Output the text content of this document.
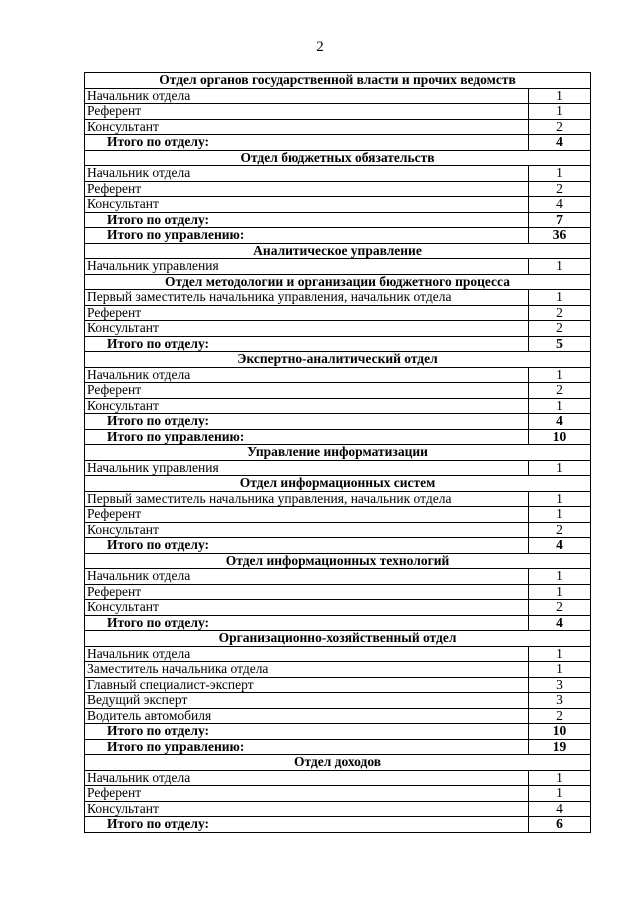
2
Отдел органов государственной власти и прочих ведомств	
Начальник отдела	1
Референт	1
Консультант	2
Итого по отделу:	4
Отдел бюджетных обязательств	
Начальник отдела	1
Референт	2
Консультант	4
Итого по отделу:	7
Итого по управлению:	36
Аналитическое управление	
Начальник управления	1
Отдел методологии и организации бюджетного процесса	
Первый заместитель начальника управления, начальник отдела	1
Референт	2
Консультант	2
Итого по отделу:	5
Экспертно-аналитический отдел	
Начальник отдела	1
Референт	2
Консультант	1
Итого по отделу:	4
Итого по управлению:	10
Управление информатизации	
Начальник управления	1
Отдел информационных систем	
Первый заместитель начальника управления, начальник отдела	1
Референт	1
Консультант	2
Итого по отделу:	4
Отдел информационных технологий	
Начальник отдела	1
Референт	1
Консультант	2
Итого по отделу:	4
Организационно-хозяйственный отдел	
Начальник отдела	1
Заместитель начальника отдела	1
Главный специалист-эксперт	3
Ведущий эксперт	3
Водитель автомобиля	2
Итого по отделу:	10
Итого по управлению:	19
Отдел доходов	
Начальник отдела	1
Референт	1
Консультант	4
Итого по отделу:	6
